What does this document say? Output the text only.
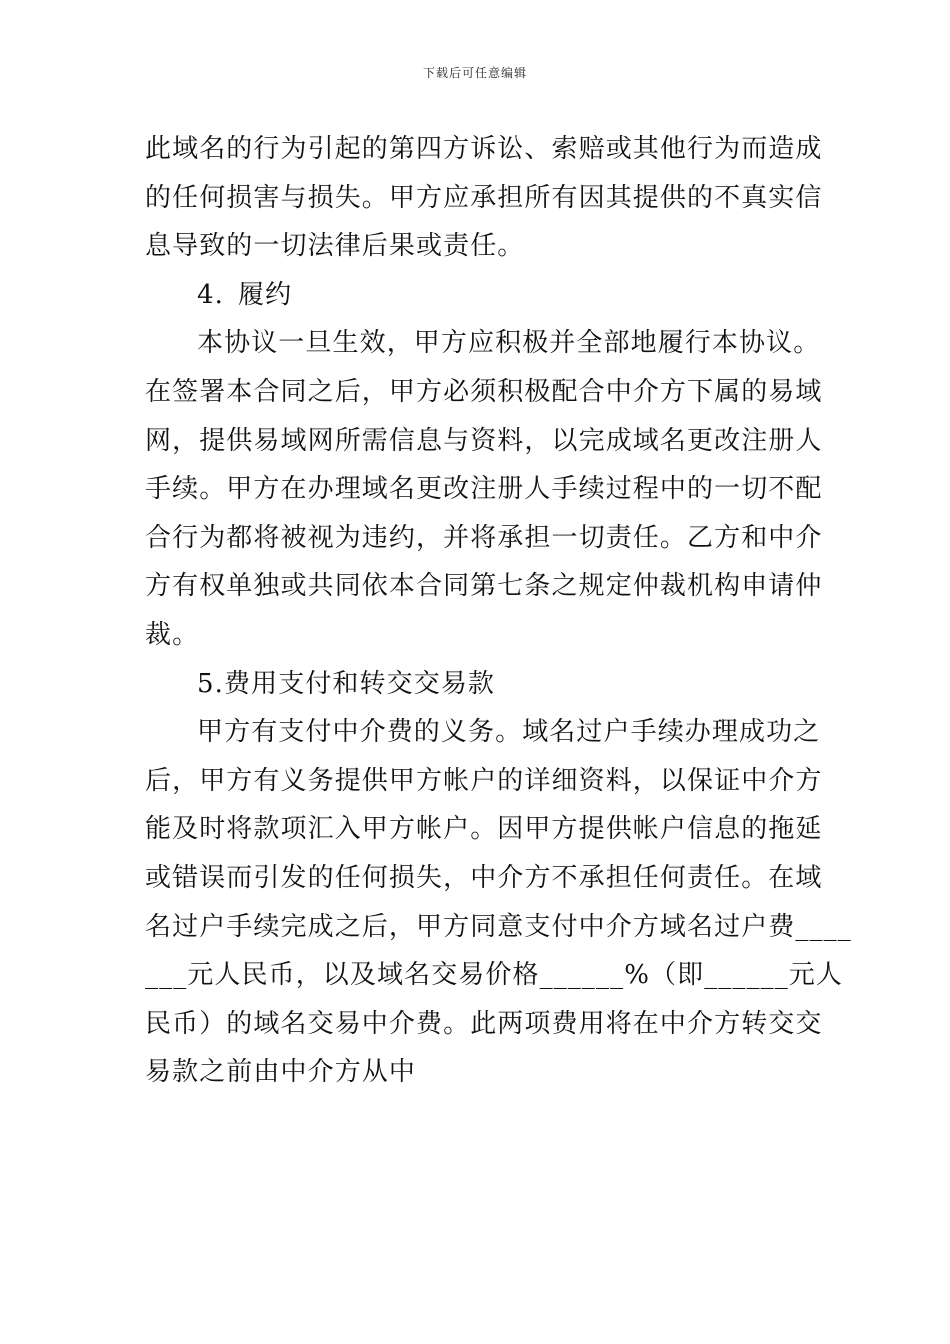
下载后可任意编辑
此域名的行为引起的第四方诉讼、索赔或其他行为而造成
的任何损害与损失。甲方应承担所有因其提供的不真实信
息导致的一切法律后果或责任。
4. 履约
本协议一旦生效，甲方应积极并全部地履行本协议。
在签署本合同之后，甲方必须积极配合中介方下属的易域
网，提供易域网所需信息与资料，以完成域名更改注册人
手续。甲方在办理域名更改注册人手续过程中的一切不配
合行为都将被视为违约，并将承担一切责任。乙方和中介
方有权单独或共同依本合同第七条之规定仲裁机构申请仲
裁。
5.费用支付和转交交易款
甲方有支付中介费的义务。域名过户手续办理成功之
后，甲方有义务提供甲方帐户的详细资料，以保证中介方
能及时将款项汇入甲方帐户。因甲方提供帐户信息的拖延
或错误而引发的任何损失，中介方不承担任何责任。在域
名过户手续完成之后，甲方同意支付中介方域名过户费____
___元人民币，以及域名交易价格______%（即______元人
民币）的域名交易中介费。此两项费用将在中介方转交交
易款之前由中介方从中
